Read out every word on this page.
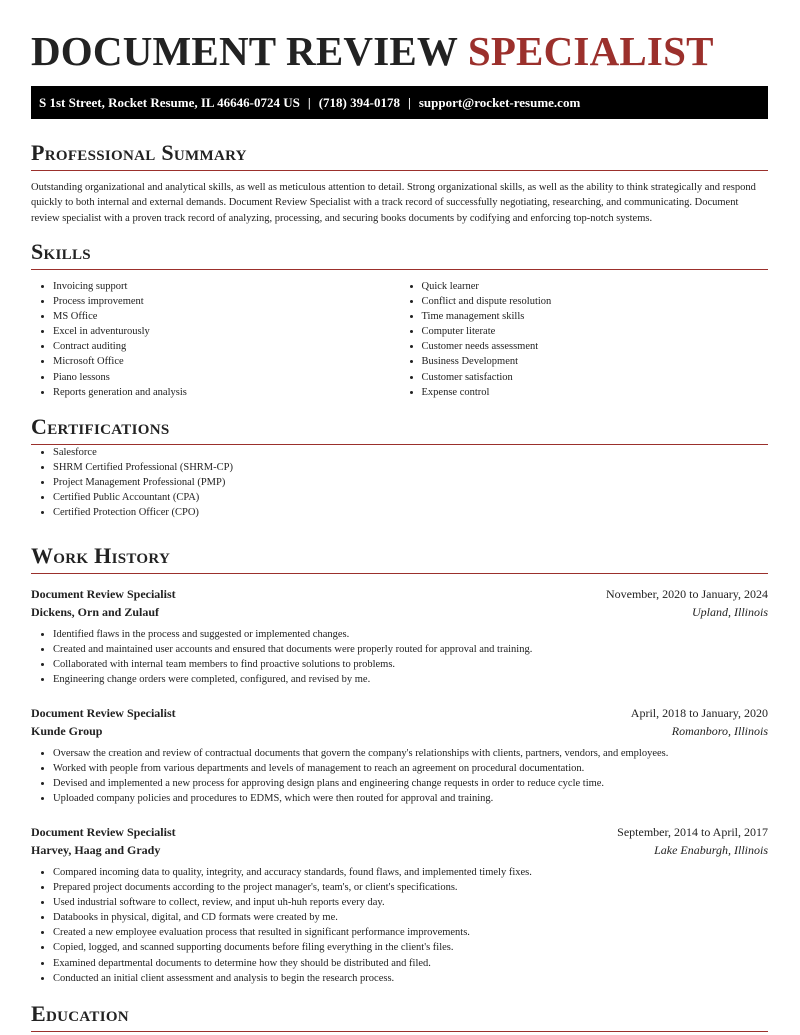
DOCUMENT REVIEW SPECIALIST
S 1st Street, Rocket Resume, IL 46646-0724 US | (718) 394-0178 | support@rocket-resume.com
Professional Summary

Outstanding organizational and analytical skills, as well as meticulous attention to detail. Strong organizational skills, as well as the ability to think strategically and respond quickly to both internal and external demands. Document Review Specialist with a track record of successfully negotiating, researching, and communicating. Document review specialist with a proven track record of analyzing, processing, and securing books documents by codifying and enforcing top-notch systems.

Skills
• Invoicing support
• Process improvement
• MS Office
• Excel in adventurously
• Contract auditing
• Microsoft Office
• Piano lessons
• Reports generation and analysis
• Quick learner
• Conflict and dispute resolution
• Time management skills
• Computer literate
• Customer needs assessment
• Business Development
• Customer satisfaction
• Expense control
Certifications
• Salesforce
• SHRM Certified Professional (SHRM-CP)
• Project Management Professional (PMP)
• Certified Public Accountant (CPA)
• Certified Protection Officer (CPO)
Work History
Document Review Specialist	November, 2020 to January, 2024
Dickens, Orn and Zulauf	Upland, Illinois
• Identified flaws in the process and suggested or implemented changes.
• Created and maintained user accounts and ensured that documents were properly routed for approval and training.
• Collaborated with internal team members to find proactive solutions to problems.
• Engineering change orders were completed, configured, and revised by me.
Document Review Specialist	April, 2018 to January, 2020
Kunde Group	Romanboro, Illinois
• Oversaw the creation and review of contractual documents that govern the company's relationships with clients, partners, vendors, and employees.
• Worked with people from various departments and levels of management to reach an agreement on procedural documentation.
• Devised and implemented a new process for approving design plans and engineering change requests in order to reduce cycle time.
• Uploaded company policies and procedures to EDMS, which were then routed for approval and training.
Document Review Specialist	September, 2014 to April, 2017
Harvey, Haag and Grady	Lake Enaburgh, Illinois
• Compared incoming data to quality, integrity, and accuracy standards, found flaws, and implemented timely fixes.
• Prepared project documents according to the project manager's, team's, or client's specifications.
• Used industrial software to collect, review, and input uh-huh reports every day.
• Databooks in physical, digital, and CD formats were created by me.
• Created a new employee evaluation process that resulted in significant performance improvements.
• Copied, logged, and scanned supporting documents before filing everything in the client's files.
• Examined departmental documents to determine how they should be distributed and filed.
• Conducted an initial client assessment and analysis to begin the research process.
Education
